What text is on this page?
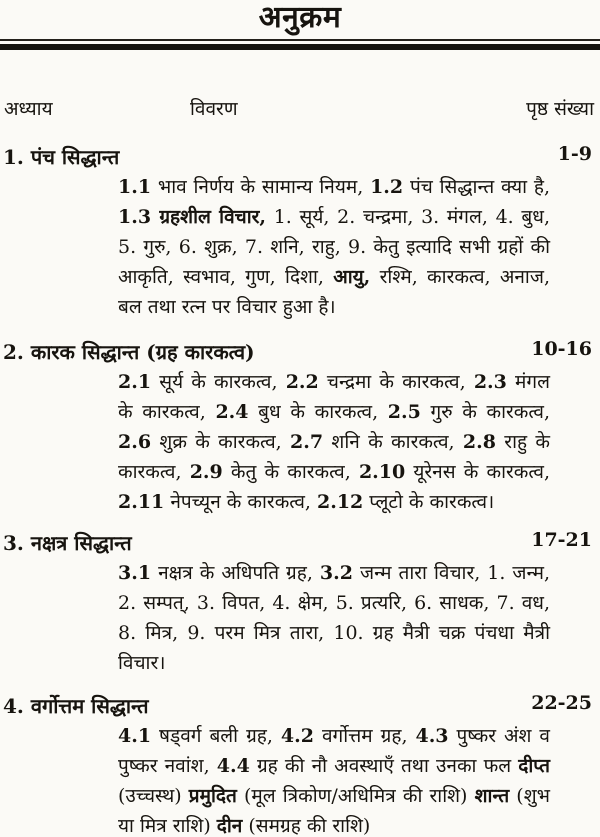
अनुक्रम
अध्याय	विवरण	पृष्ठ संख्या
1. पंच सिद्धान्त	1-9
1.1 भाव निर्णय के सामान्य नियम, 1.2 पंच सिद्धान्त क्या है, 1.3 ग्रहशील विचार, 1. सूर्य, 2. चन्द्रमा, 3. मंगल, 4. बुध, 5. गुरु, 6. शुक्र, 7. शनि, राहु, 9. केतु इत्यादि सभी ग्रहों की आकृति, स्वभाव, गुण, दिशा, आयु, रश्मि, कारकत्व, अनाज, बल तथा रत्न पर विचार हुआ है।
2. कारक सिद्धान्त (ग्रह कारकत्व)	10-16
2.1 सूर्य के कारकत्व, 2.2 चन्द्रमा के कारकत्व, 2.3 मंगल के कारकत्व, 2.4 बुध के कारकत्व, 2.5 गुरु के कारकत्व, 2.6 शुक्र के कारकत्व, 2.7 शनि के कारकत्व, 2.8 राहु के कारकत्व, 2.9 केतु के कारकत्व, 2.10 यूरेनस के कारकत्व, 2.11 नेपच्यून के कारकत्व, 2.12 प्लूटो के कारकत्व।
3. नक्षत्र सिद्धान्त	17-21
3.1 नक्षत्र के अधिपति ग्रह, 3.2 जन्म तारा विचार, 1. जन्म, 2. सम्पत्, 3. विपत, 4. क्षेम, 5. प्रत्यरि, 6. साधक, 7. वध, 8. मित्र, 9. परम मित्र तारा, 10. ग्रह मैत्री चक्र पंचधा मैत्री विचार।
4. वर्गोत्तम सिद्धान्त	22-25
4.1 षड्वर्ग बली ग्रह, 4.2 वर्गोत्तम ग्रह, 4.3 पुष्कर अंश व पुष्कर नवांश, 4.4 ग्रह की नौ अवस्थाएँ तथा उनका फल दीप्त (उच्चस्थ) प्रमुदित (मूल त्रिकोण/अधिमित्र की राशि) शान्त (शुभ या मित्र राशि) दीन (समग्रह की राशि)
